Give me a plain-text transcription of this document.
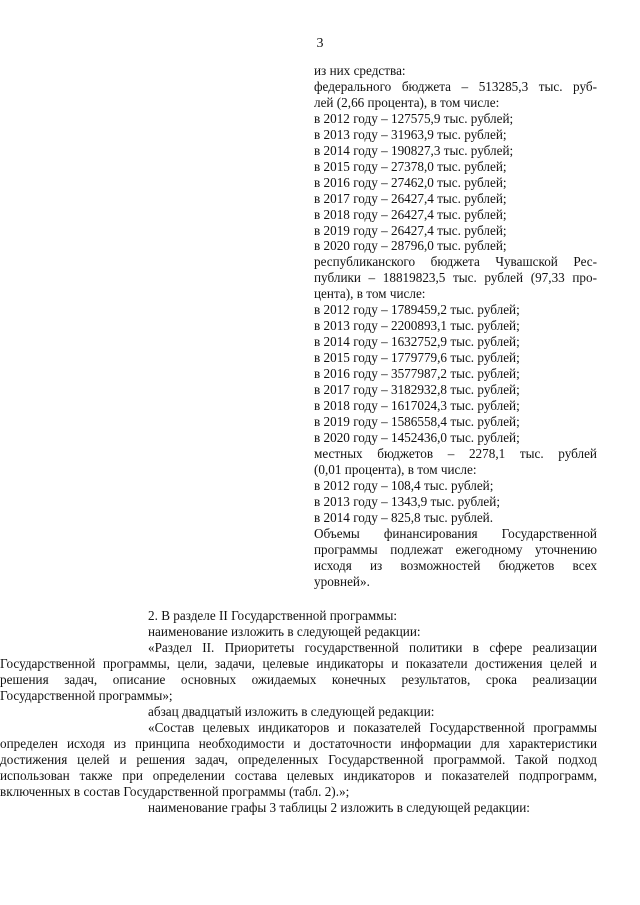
3
из них средства:
федерального бюджета – 513285,3 тыс. руб-
лей (2,66 процента), в том числе:
в 2012 году – 127575,9 тыс. рублей;
в 2013 году – 31963,9 тыс. рублей;
в 2014 году – 190827,3 тыс. рублей;
в 2015 году – 27378,0 тыс. рублей;
в 2016 году – 27462,0 тыс. рублей;
в 2017 году – 26427,4 тыс. рублей;
в 2018 году – 26427,4 тыс. рублей;
в 2019 году – 26427,4 тыс. рублей;
в 2020 году – 28796,0 тыс. рублей;
республиканского бюджета Чувашской Рес-
публики – 18819823,5 тыс. рублей (97,33 про-
цента), в том числе:
в 2012 году – 1789459,2 тыс. рублей;
в 2013 году – 2200893,1 тыс. рублей;
в 2014 году – 1632752,9 тыс. рублей;
в 2015 году – 1779779,6 тыс. рублей;
в 2016 году – 3577987,2 тыс. рублей;
в 2017 году – 3182932,8 тыс. рублей;
в 2018 году – 1617024,3 тыс. рублей;
в 2019 году – 1586558,4 тыс. рублей;
в 2020 году – 1452436,0 тыс. рублей;
местных бюджетов – 2278,1 тыс. рублей
(0,01 процента), в том числе:
в 2012 году – 108,4 тыс. рублей;
в 2013 году – 1343,9 тыс. рублей;
в 2014 году – 825,8 тыс. рублей.
Объемы финансирования Государственной
программы подлежат ежегодному уточнению
исходя из возможностей бюджетов всех
уровней».

2. В разделе II Государственной программы:

наименование изложить в следующей редакции:

«Раздел II. Приоритеты государственной политики в сфере реализации
Государственной программы, цели, задачи, целевые индикаторы и показатели достижения целей и решения задач, описание основных ожидаемых конечных результатов, срока реализации Государственной программы»;

абзац двадцатый изложить в следующей редакции:

«Состав целевых индикаторов и показателей Государственной программы
определен исходя из принципа необходимости и достаточности информации для характеристики достижения целей и решения задач, определенных Государственной программой. Такой подход использован также при определении состава целевых индикаторов и показателей подпрограмм, включенных в состав Государственной программы (табл. 2).»;

наименование графы 3 таблицы 2 изложить в следующей редакции:
